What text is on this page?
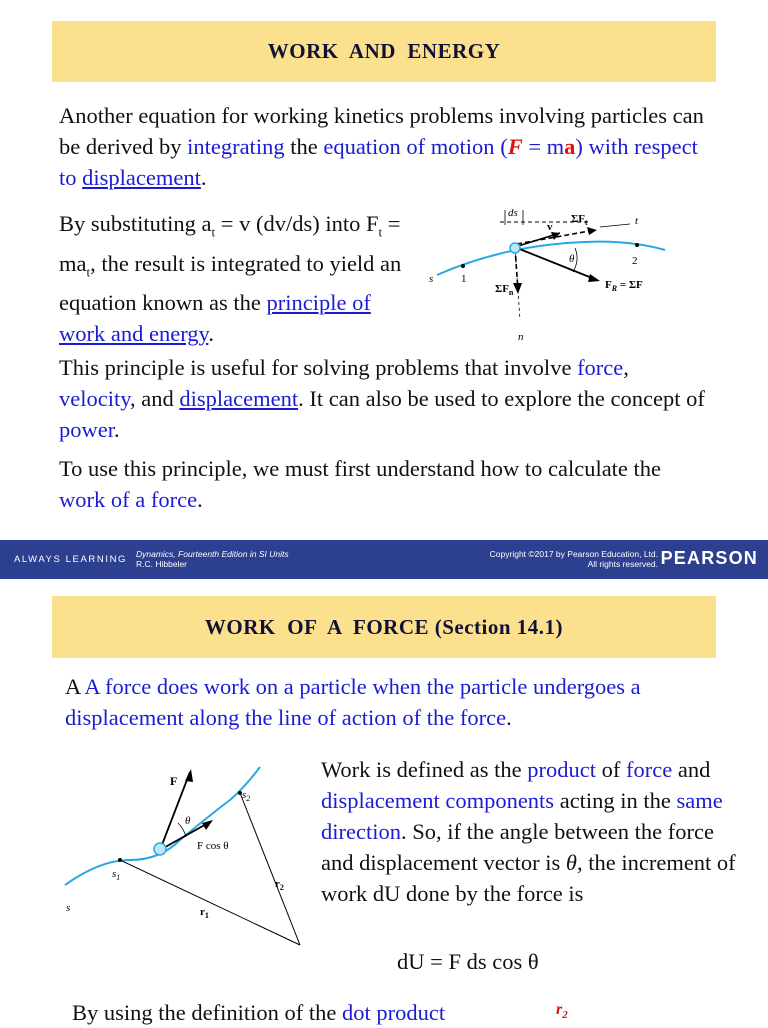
WORK  AND  ENERGY

Another equation for working kinetics problems involving particles can be derived by integrating the equation of motion (F = ma) with respect to displacement.

By substituting $a_t = v$ (dv/ds) into $F_t = ma_t$, the result is integrated to yield an equation known as the principle of work and energy.

ds
v
$\Sigma F_t$	t
$\Sigma F_n$
n
θ
1
s
2
$F_R = \Sigma F$

This principle is useful for solving problems that involve force, velocity, and displacement. It can also be used to explore the concept of power.

To use this principle, we must first understand how to calculate the work of a force.

ALWAYS LEARNING Dynamics, Fourteenth Edition in SI Units
R.C. Hibbeler
Copyright ©2017 by Pearson Education, Ltd.
All rights reserved. PEARSON
WORK  OF  A  FORCE (Section 14.1)

A A force does work on a particle when the particle undergoes a displacement along the line of action of the force.

F
θ
F cos θ
$s_1$
$s_2$
$r_2$
$r_1$
s

Work is defined as the product of force and displacement components acting in the same direction. So, if the angle between the force and displacement vector is θ, the increment of work dU done by the force is

dU = F ds cos θ

By using the definition of the dot product	$r_2$
